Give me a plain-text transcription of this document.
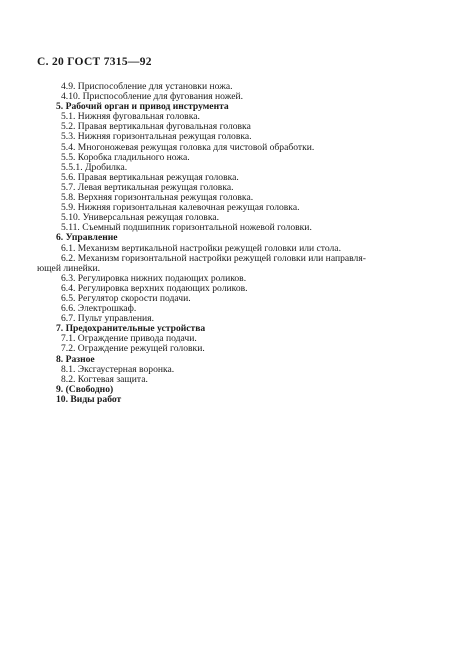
С. 20 ГОСТ 7315—92
4.9. Приспособление для установки ножа.
4.10. Приспособление для фугования ножей.
5. Рабочий орган и привод инструмента
5.1. Нижняя фуговальная головка.
5.2. Правая вертикальная фуговальная головка
5.3. Нижняя горизонтальная режущая головка.
5.4. Многоножевая режущая головка для чистовой обработки.
5.5. Коробка гладильного ножа.
5.5.1. Дробилка.
5.6. Правая вертикальная режущая головка.
5.7. Левая вертикальная режущая головка.
5.8. Верхняя горизонтальная режущая головка.
5.9. Нижняя горизонтальная калевочная режущая головка.
5.10. Универсальная режущая головка.
5.11. Съемный подшипник горизонтальной ножевой головки.
6. Управление
6.1. Механизм вертикальной настройки режущей головки или стола.
6.2. Механизм горизонтальной настройки режущей головки или направля-
ющей линейки.
6.3. Регулировка нижних подающих роликов.
6.4. Регулировка верхних подающих роликов.
6.5. Регулятор скорости подачи.
6.6. Электрошкаф.
6.7. Пульт управления.
7. Предохранительные устройства
7.1. Ограждение привода подачи.
7.2. Ограждение режущей головки.
8. Разное
8.1. Эксгаустерная воронка.
8.2. Когтевая защита.
9. (Свободно)
10. Виды работ
